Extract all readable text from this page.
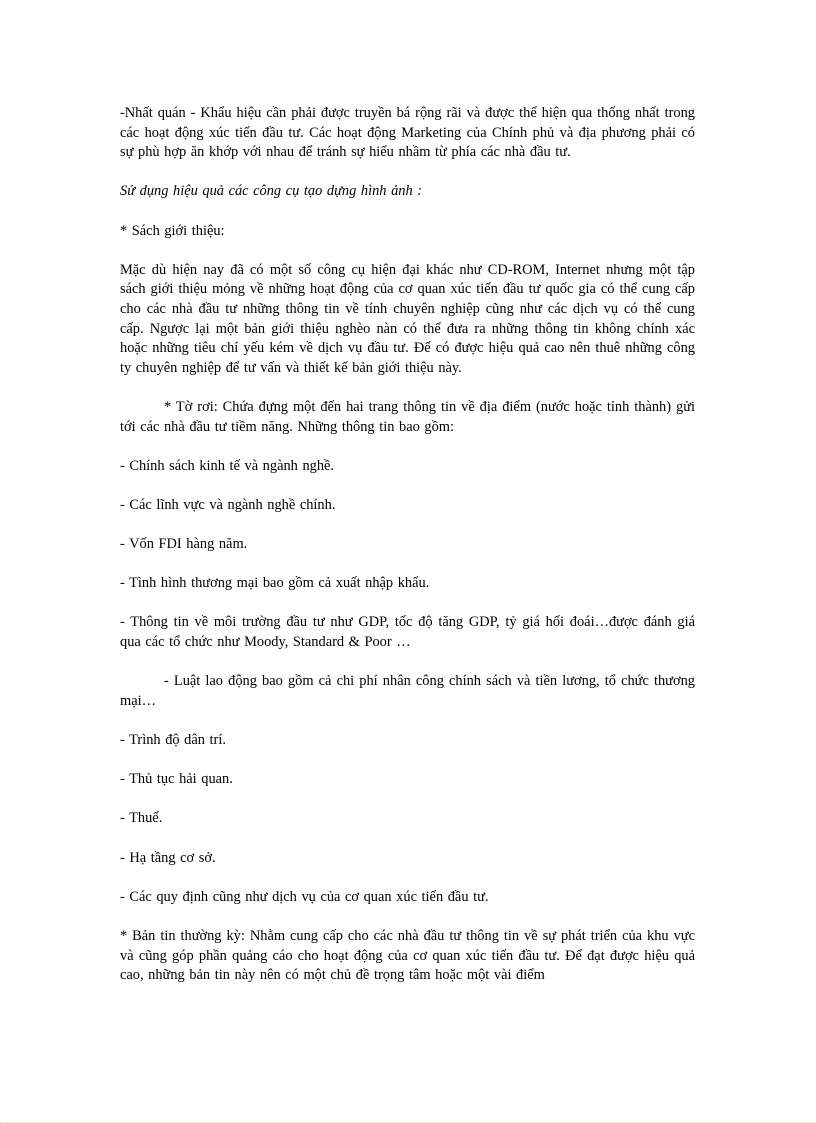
-Nhất quán - Khẩu hiệu cần phải được truyền bá rộng rãi và được thể hiện qua thống nhất trong các hoạt động xúc tiến đầu tư. Các hoạt động Marketing của Chính phủ và địa phương phải có sự phù hợp ăn khớp với nhau để tránh sự hiểu nhầm từ phía các nhà đầu tư.

Sử dụng hiệu quả các công cụ tạo dựng hình ảnh :

* Sách giới thiệu:

Mặc dù hiện nay đã có một số công cụ hiện đại khác như CD-ROM, Internet nhưng một tập sách giới thiệu mỏng về những hoạt động của cơ quan xúc tiến đầu tư quốc gia có thể cung cấp cho các nhà đầu tư những thông tin về tính chuyên nghiệp cũng như các dịch vụ có thể cung cấp. Ngược lại một bản giới thiệu nghèo nàn có thể đưa ra những thông tin không chính xác hoặc những tiêu chí yếu kém về dịch vụ đầu tư. Để có được hiệu quả cao nên thuê những công ty chuyên nghiệp để tư vấn và thiết kế bản giới thiệu này.

* Tờ rơi: Chứa đựng một đến hai trang thông tin về địa điểm (nước hoặc tỉnh thành) gửi tới các nhà đầu tư tiềm năng. Những thông tin bao gồm:

- Chính sách kinh tế và ngành nghề.

- Các lĩnh vực và ngành nghề chính.

- Vốn FDI hàng năm.

- Tình hình thương mại bao gồm cả xuất nhập khẩu.

- Thông tin về môi trường đầu tư như GDP, tốc độ tăng GDP, tỷ giá hối đoái…được đánh giá qua các tổ chức như Moody, Standard & Poor …

- Luật lao động bao gồm cả chi phí nhân công chính sách và tiền lương, tổ chức thương mại…

- Trình độ dân trí.

- Thủ tục hải quan.

- Thuế.

- Hạ tầng cơ sở.

- Các quy định cũng như dịch vụ của cơ quan xúc tiến đầu tư.

* Bản tin thường kỳ: Nhằm cung cấp cho các nhà đầu tư thông tin về sự phát triển của khu vực và cũng góp phần quảng cáo cho hoạt động của cơ quan xúc tiến đầu tư. Để đạt được hiệu quả cao, những bản tin này nên có một chủ đề trọng tâm hoặc một vài điểm
